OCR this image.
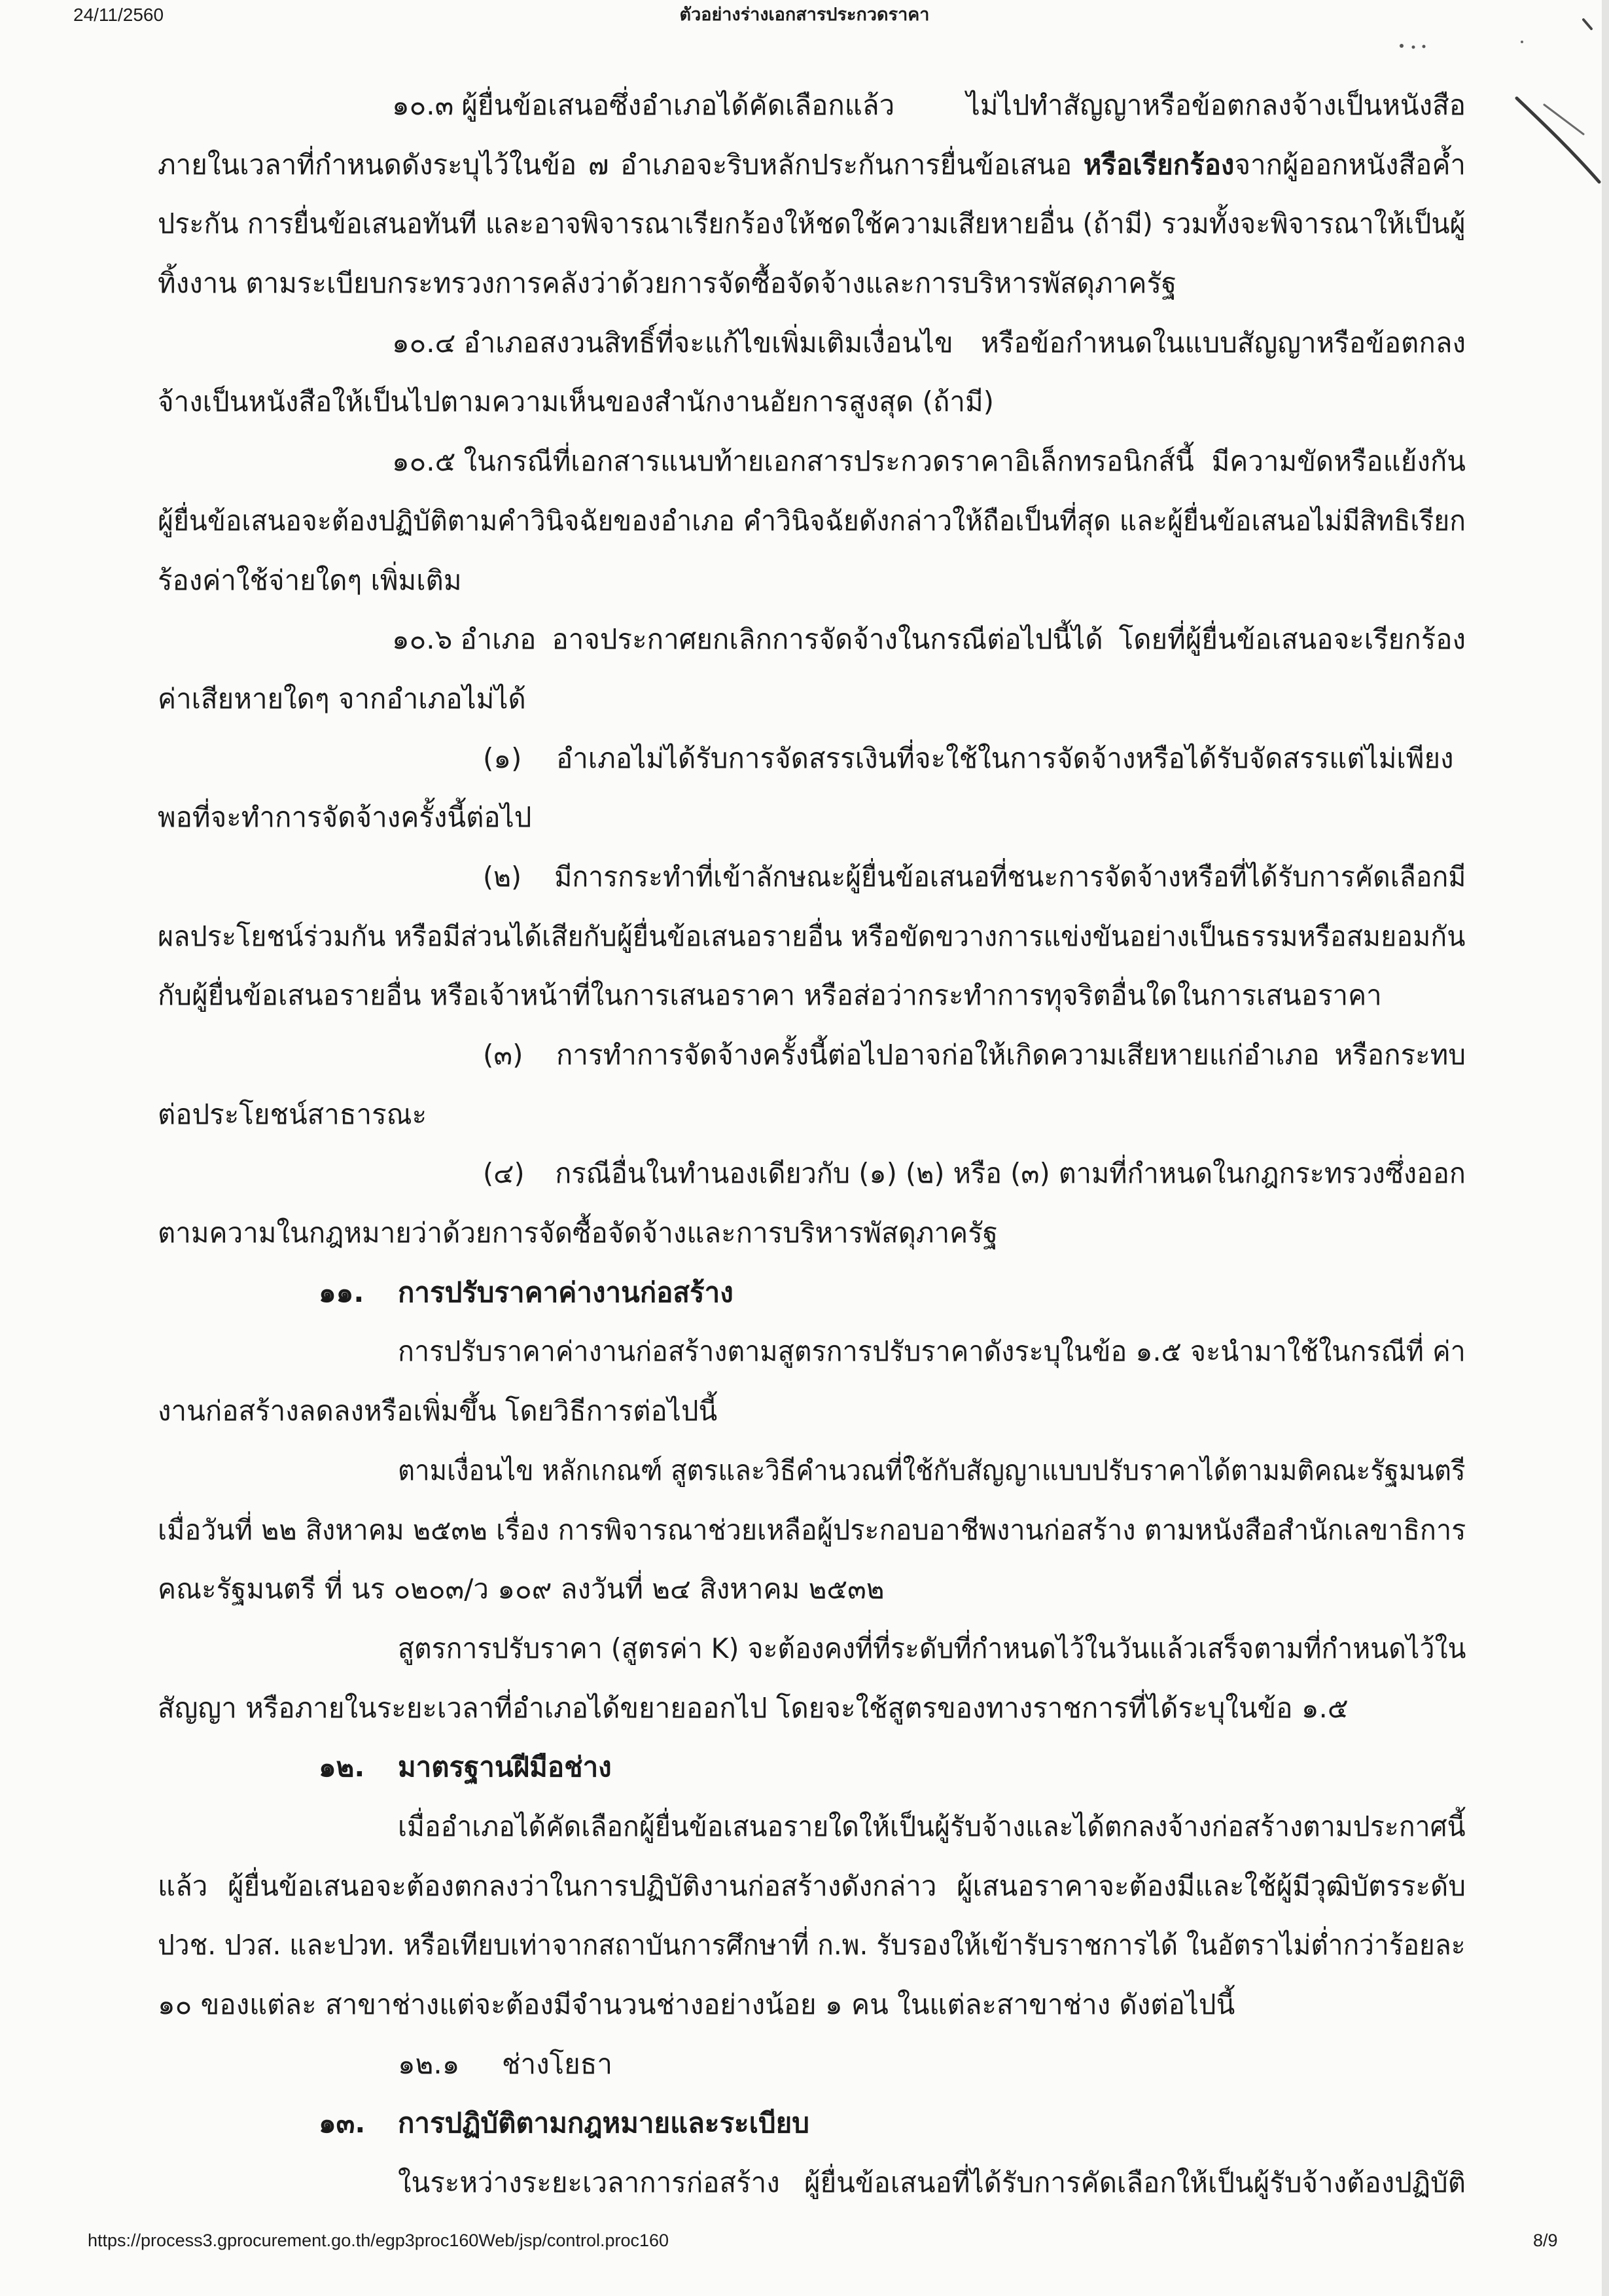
24/11/2560	ตัวอย่างร่างเอกสารประกวดราคา
๑๐.๓ ผู้ยื่นข้อเสนอซึ่งอำเภอได้คัดเลือกแล้ว ไม่ไปทำสัญญาหรือข้อตกลงจ้างเป็นหนังสือ
ภายในเวลาที่กำหนดดังระบุไว้ในข้อ ๗ อำเภอจะริบหลักประกันการยื่นข้อเสนอ หรือเรียกร้องจากผู้ออกหนังสือค้ำ
ประกัน การยื่นข้อเสนอทันที และอาจพิจารณาเรียกร้องให้ชดใช้ความเสียหายอื่น (ถ้ามี) รวมทั้งจะพิจารณาให้เป็นผู้
ทิ้งงาน ตามระเบียบกระทรวงการคลังว่าด้วยการจัดซื้อจัดจ้างและการบริหารพัสดุภาครัฐ
๑๐.๔ อำเภอสงวนสิทธิ์ที่จะแก้ไขเพิ่มเติมเงื่อนไข หรือข้อกำหนดในแบบสัญญาหรือข้อตกลง
จ้างเป็นหนังสือให้เป็นไปตามความเห็นของสำนักงานอัยการสูงสุด (ถ้ามี)
๑๐.๕ ในกรณีที่เอกสารแนบท้ายเอกสารประกวดราคาอิเล็กทรอนิกส์นี้ มีความขัดหรือแย้งกัน
ผู้ยื่นข้อเสนอจะต้องปฏิบัติตามคำวินิจฉัยของอำเภอ คำวินิจฉัยดังกล่าวให้ถือเป็นที่สุด และผู้ยื่นข้อเสนอไม่มีสิทธิเรียก
ร้องค่าใช้จ่ายใดๆ เพิ่มเติม
๑๐.๖ อำเภอ อาจประกาศยกเลิกการจัดจ้างในกรณีต่อไปนี้ได้ โดยที่ผู้ยื่นข้อเสนอจะเรียกร้อง
ค่าเสียหายใดๆ จากอำเภอไม่ได้
(๑) อำเภอไม่ได้รับการจัดสรรเงินที่จะใช้ในการจัดจ้างหรือได้รับจัดสรรแต่ไม่เพียง
พอที่จะทำการจัดจ้างครั้งนี้ต่อไป
(๒) มีการกระทำที่เข้าลักษณะผู้ยื่นข้อเสนอที่ชนะการจัดจ้างหรือที่ได้รับการคัดเลือกมี
ผลประโยชน์ร่วมกัน หรือมีส่วนได้เสียกับผู้ยื่นข้อเสนอรายอื่น หรือขัดขวางการแข่งขันอย่างเป็นธรรมหรือสมยอมกัน
กับผู้ยื่นข้อเสนอรายอื่น หรือเจ้าหน้าที่ในการเสนอราคา หรือส่อว่ากระทำการทุจริตอื่นใดในการเสนอราคา
(๓) การทำการจัดจ้างครั้งนี้ต่อไปอาจก่อให้เกิดความเสียหายแก่อำเภอ หรือกระทบ
ต่อประโยชน์สาธารณะ
(๔) กรณีอื่นในทำนองเดียวกับ (๑) (๒) หรือ (๓) ตามที่กำหนดในกฎกระทรวงซึ่งออก
ตามความในกฎหมายว่าด้วยการจัดซื้อจัดจ้างและการบริหารพัสดุภาครัฐ
๑๑. การปรับราคาค่างานก่อสร้าง
การปรับราคาค่างานก่อสร้างตามสูตรการปรับราคาดังระบุในข้อ ๑.๕ จะนำมาใช้ในกรณีที่ ค่า
งานก่อสร้างลดลงหรือเพิ่มขึ้น โดยวิธีการต่อไปนี้
ตามเงื่อนไข หลักเกณฑ์ สูตรและวิธีคำนวณที่ใช้กับสัญญาแบบปรับราคาได้ตามมติคณะรัฐมนตรี
เมื่อวันที่ ๒๒ สิงหาคม ๒๕๓๒ เรื่อง การพิจารณาช่วยเหลือผู้ประกอบอาชีพงานก่อสร้าง ตามหนังสือสำนักเลขาธิการ
คณะรัฐมนตรี ที่ นร ๐๒๐๓/ว ๑๐๙ ลงวันที่ ๒๔ สิงหาคม ๒๕๓๒
สูตรการปรับราคา (สูตรค่า K) จะต้องคงที่ที่ระดับที่กำหนดไว้ในวันแล้วเสร็จตามที่กำหนดไว้ใน
สัญญา หรือภายในระยะเวลาที่อำเภอได้ขยายออกไป โดยจะใช้สูตรของทางราชการที่ได้ระบุในข้อ ๑.๕
๑๒. มาตรฐานฝีมือช่าง
เมื่ออำเภอได้คัดเลือกผู้ยื่นข้อเสนอรายใดให้เป็นผู้รับจ้างและได้ตกลงจ้างก่อสร้างตามประกาศนี้
แล้ว ผู้ยื่นข้อเสนอจะต้องตกลงว่าในการปฏิบัติงานก่อสร้างดังกล่าว ผู้เสนอราคาจะต้องมีและใช้ผู้มีวุฒิบัตรระดับ
ปวช. ปวส. และปวท. หรือเทียบเท่าจากสถาบันการศึกษาที่ ก.พ. รับรองให้เข้ารับราชการได้ ในอัตราไม่ต่ำกว่าร้อยละ
๑๐ ของแต่ละ สาขาช่างแต่จะต้องมีจำนวนช่างอย่างน้อย ๑ คน ในแต่ละสาขาช่าง ดังต่อไปนี้
๑๒.๑ ช่างโยธา
๑๓. การปฏิบัติตามกฎหมายและระเบียบ
ในระหว่างระยะเวลาการก่อสร้าง ผู้ยื่นข้อเสนอที่ได้รับการคัดเลือกให้เป็นผู้รับจ้างต้องปฏิบัติ
https://process3.gprocurement.go.th/egp3proc160Web/jsp/control.proc160	8/9
